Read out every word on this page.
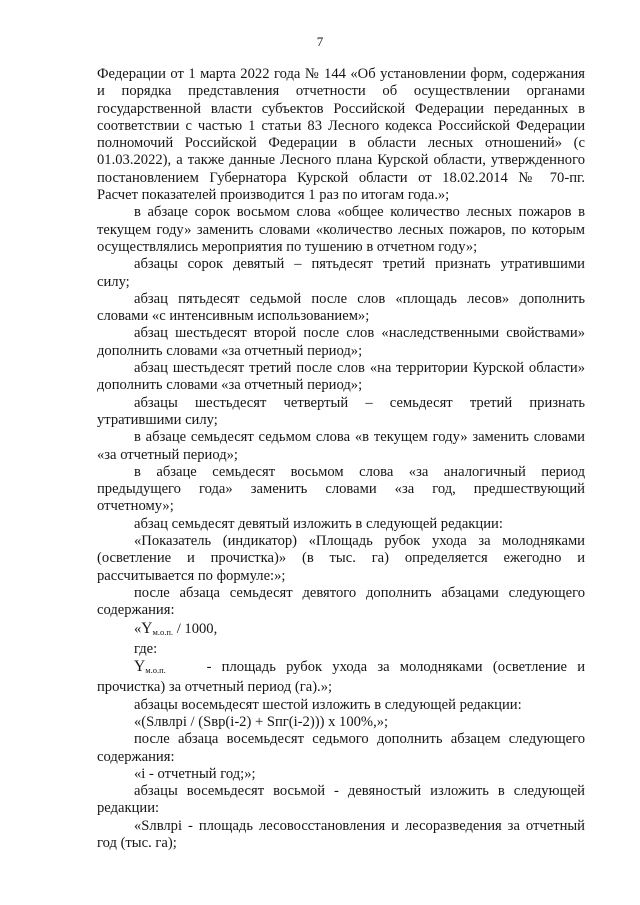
7

Федерации от 1 марта 2022 года № 144 «Об установлении форм, содержания
и порядка представления отчетности об осуществлении органами
государственной власти субъектов Российской Федерации переданных в
соответствии с частью 1 статьи 83 Лесного кодекса Российской Федерации
полномочий Российской Федерации в области лесных отношений» (с
01.03.2022), а также данные Лесного плана Курской области, утвержденного
постановлением Губернатора Курской области от 18.02.2014 № 70-пг.
Расчет показателей производится 1 раз по итогам года.»;

в абзаце сорок восьмом слова «общее количество лесных пожаров в
текущем году» заменить словами «количество лесных пожаров, по которым
осуществлялись мероприятия по тушению в отчетном году»;

абзацы сорок девятый – пятьдесят третий признать утратившими
силу;

абзац пятьдесят седьмой после слов «площадь лесов» дополнить
словами «с интенсивным использованием»;

абзац шестьдесят второй после слов «наследственными свойствами»
дополнить словами «за отчетный период»;

абзац шестьдесят третий после слов «на территории Курской области»
дополнить словами «за отчетный период»;

абзацы шестьдесят четвертый – семьдесят третий признать
утратившими силу;

в абзаце семьдесят седьмом слова «в текущем году» заменить словами
«за отчетный период»;

в абзаце семьдесят восьмом слова «за аналогичный период
предыдущего года» заменить словами «за год, предшествующий
отчетному»;

абзац семьдесят девятый изложить в следующей редакции:

«Показатель (индикатор) «Площадь рубок ухода за молодняками
(осветление и прочистка)» (в тыс. га) определяется ежегодно и
рассчитывается по формуле:»;

после абзаца семьдесят девятого дополнить абзацами следующего
содержания:

«Yм.о.п. / 1000,

где:

Yм.о.п.	- площадь рубок ухода за молодняками (осветление и
прочистка) за отчетный период (га).»;

абзацы восемьдесят шестой изложить в следующей редакции:

«(Sлвлрi / (Sвр(i-2) + Sпг(i-2))) х 100%,»;

после абзаца восемьдесят седьмого дополнить абзацем следующего
содержания:

«i - отчетный год;»;

абзацы восемьдесят восьмой - девяностый изложить в следующей
редакции:

«Sлвлрi - площадь лесовосстановления и лесоразведения за отчетный
год (тыс. га);
